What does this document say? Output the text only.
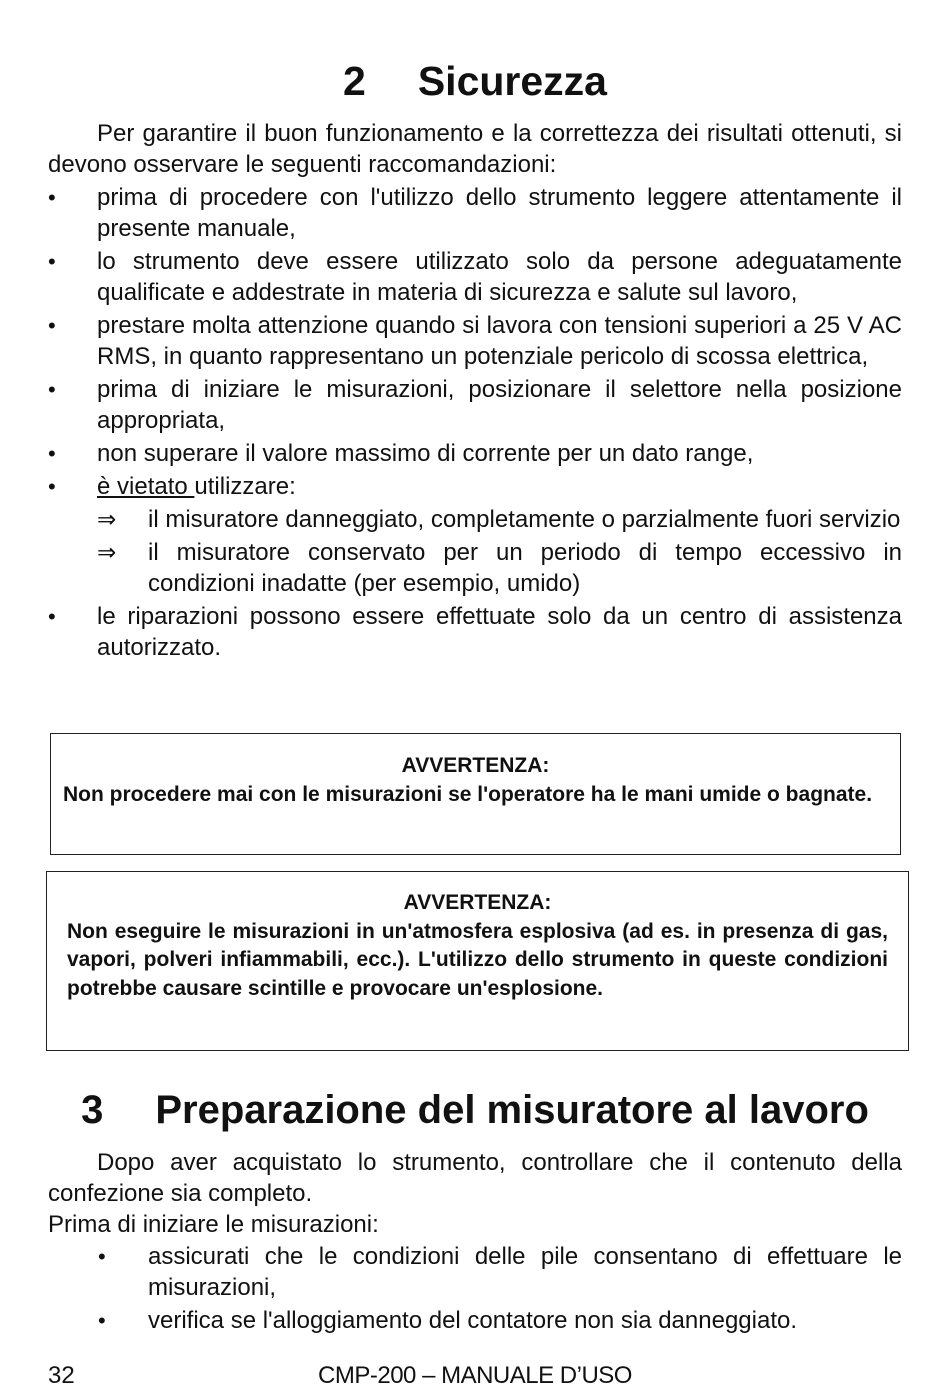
2 Sicurezza
Per garantire il buon funzionamento e la correttezza dei risultati ottenuti, si devono osservare le seguenti raccomandazioni:
•	prima di procedere con l'utilizzo dello strumento leggere attentamente il presente manuale,
•	lo strumento deve essere utilizzato solo da persone adeguatamente qualificate e addestrate in materia di sicurezza e salute sul lavoro,
•	prestare molta attenzione quando si lavora con tensioni superiori a 25 V AC RMS, in quanto rappresentano un potenziale pericolo di scossa elettrica,
•	prima di iniziare le misurazioni, posizionare il selettore nella posizione appropriata,
•	non superare il valore massimo di corrente per un dato range,
•	è vietato utilizzare:
⇒ il misuratore danneggiato, completamente o parzialmente fuori servizio
⇒ il misuratore conservato per un periodo di tempo eccessivo in condizioni inadatte (per esempio, umido)
•	le riparazioni possono essere effettuate solo da un centro di assistenza autorizzato.
AVVERTENZA:
Non procedere mai con le misurazioni se l'operatore ha le mani umide o bagnate.
AVVERTENZA:
Non eseguire le misurazioni in un'atmosfera esplosiva (ad es. in presenza di gas, vapori, polveri infiammabili, ecc.). L'utilizzo dello strumento in queste condizioni potrebbe causare scintille e provocare un'esplosione.
3 Preparazione del misuratore al lavoro
Dopo aver acquistato lo strumento, controllare che il contenuto della confezione sia completo.
Prima di iniziare le misurazioni:
• assicurati che le condizioni delle pile consentano di effettuare le misurazioni,
• verifica se l'alloggiamento del contatore non sia danneggiato.
32	CMP-200 – MANUALE D’USO
